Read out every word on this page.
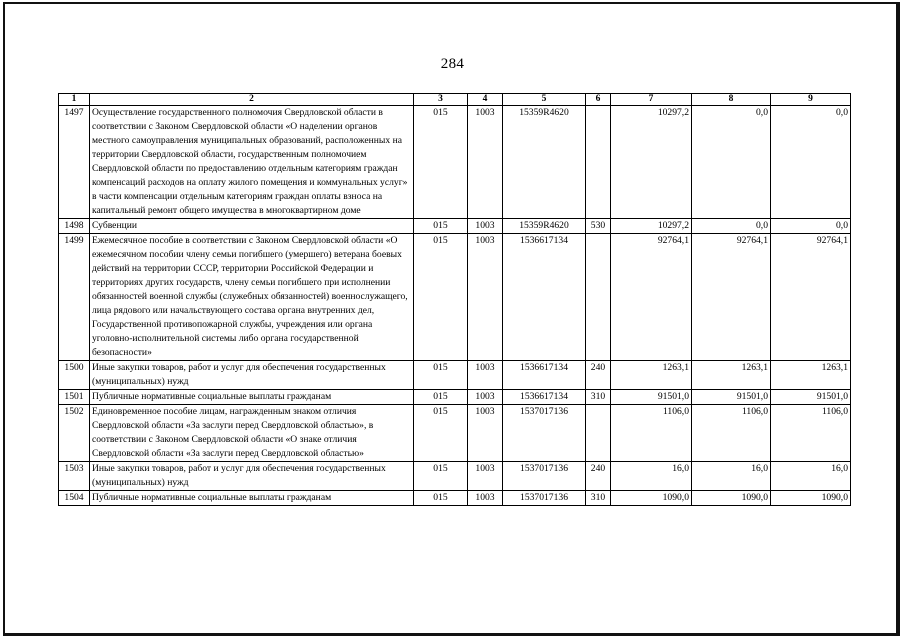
284
1	2	3	4	5	6	7	8	9
1497	Осуществление государственного полномочия Свердловской области в соответствии с Законом Свердловской области «О наделении органов местного самоуправления муниципальных образований, расположенных на территории Свердловской области, государственным полномочием Свердловской области по предоставлению отдельным категориям граждан компенсаций расходов на оплату жилого помещения и коммунальных услуг» в части компенсации отдельным категориям граждан оплаты взноса на капитальный ремонт общего имущества в многоквартирном доме	015	1003	15359R4620		10297,2	0,0	0,0
1498	Субвенции	015	1003	15359R4620	530	10297,2	0,0	0,0
1499	Ежемесячное пособие в соответствии с Законом Свердловской области «О ежемесячном пособии члену семьи погибшего (умершего) ветерана боевых действий на территории СССР, территории Российской Федерации и территориях других государств, члену семьи погибшего при исполнении обязанностей военной службы (служебных обязанностей) военнослужащего, лица рядового или начальствующего состава органа внутренних дел, Государственной противопожарной службы, учреждения или органа уголовно-исполнительной системы либо органа государственной безопасности»	015	1003	1536617134		92764,1	92764,1	92764,1
1500	Иные закупки товаров, работ и услуг для обеспечения государственных (муниципальных) нужд	015	1003	1536617134	240	1263,1	1263,1	1263,1
1501	Публичные нормативные социальные выплаты гражданам	015	1003	1536617134	310	91501,0	91501,0	91501,0
1502	Единовременное пособие лицам, награжденным знаком отличия Свердловской области «За заслуги перед Свердловской областью», в соответствии с Законом Свердловской области «О знаке отличия Свердловской области «За заслуги перед Свердловской областью»	015	1003	1537017136		1106,0	1106,0	1106,0
1503	Иные закупки товаров, работ и услуг для обеспечения государственных (муниципальных) нужд	015	1003	1537017136	240	16,0	16,0	16,0
1504	Публичные нормативные социальные выплаты гражданам	015	1003	1537017136	310	1090,0	1090,0	1090,0
